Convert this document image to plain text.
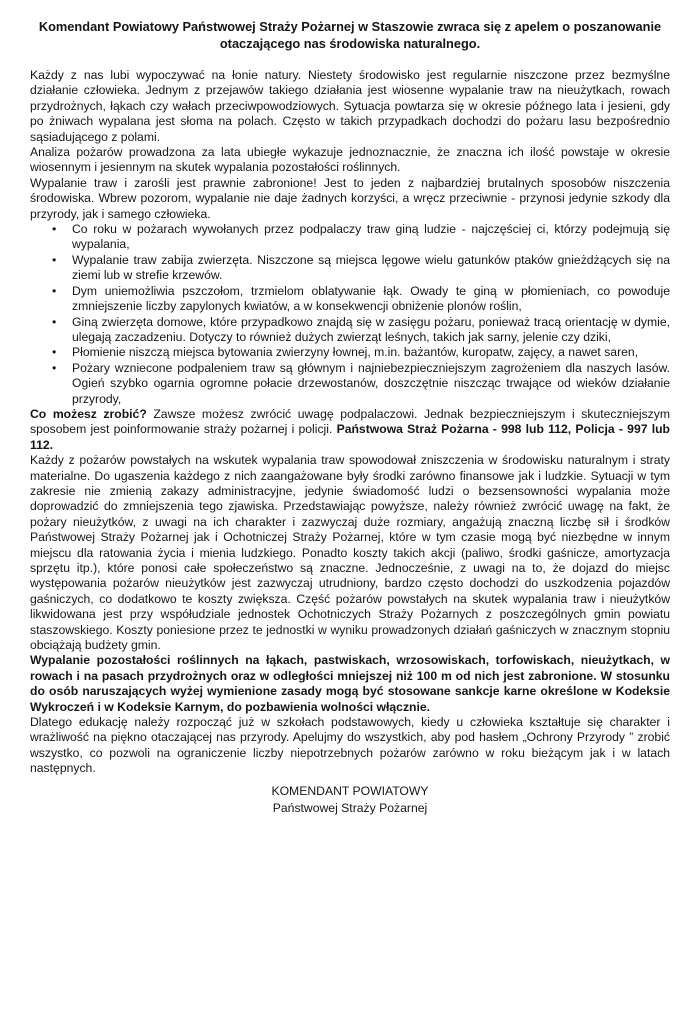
Komendant Powiatowy Państwowej Straży Pożarnej w Staszowie zwraca się z apelem o poszanowanie otaczającego nas środowiska naturalnego.

Każdy z nas lubi wypoczywać na łonie natury. Niestety środowisko jest regularnie niszczone przez bezmyślne działanie człowieka. Jednym z przejawów takiego działania jest wiosenne wypalanie traw na nieużytkach, rowach przydrożnych, łąkach czy wałach przeciwpowodziowych. Sytuacja powtarza się w okresie późnego lata i jesieni, gdy po żniwach wypalana jest słoma na polach. Często w takich przypadkach dochodzi do pożaru lasu bezpośrednio sąsiadującego z polami.

Analiza pożarów prowadzona za lata ubiegłe wykazuje jednoznacznie, że znaczna ich ilość powstaje w okresie wiosennym i jesiennym na skutek wypalania pozostałości roślinnych.

Wypalanie traw i zarośli jest prawnie zabronione! Jest to jeden z najbardziej brutalnych sposobów niszczenia środowiska. Wbrew pozorom, wypalanie nie daje żadnych korzyści, a wręcz przeciwnie - przynosi jedynie szkody dla przyrody, jak i samego człowieka.

• Co roku w pożarach wywołanych przez podpalaczy traw giną ludzie - najczęściej ci, którzy podejmują się wypalania,
• Wypalanie traw zabija zwierzęta. Niszczone są miejsca lęgowe wielu gatunków ptaków gnieżdżących się na ziemi lub w strefie krzewów.
• Dym uniemożliwia pszczołom, trzmielom oblatywanie łąk. Owady te giną w płomieniach, co powoduje zmniejszenie liczby zapylonych kwiatów, a w konsekwencji obniżenie plonów roślin,
• Giną zwierzęta domowe, które przypadkowo znajdą się w zasięgu pożaru, ponieważ tracą orientację w dymie, ulegają zaczadzeniu. Dotyczy to również dużych zwierząt leśnych, takich jak sarny, jelenie czy dziki,
• Płomienie niszczą miejsca bytowania zwierzyny łownej, m.in. bażantów, kuropatw, zajęcy, a nawet saren,
• Pożary wzniecone podpaleniem traw są głównym i najniebezpieczniejszym zagrożeniem dla naszych lasów. Ogień szybko ogarnia ogromne połacie drzewostanów, doszczętnie niszcząc trwające od wieków działanie przyrody,

Co możesz zrobić? Zawsze możesz zwrócić uwagę podpalaczowi. Jednak bezpieczniejszym i skuteczniejszym sposobem jest poinformowanie straży pożarnej i policji. Państwowa Straż Pożarna - 998 lub 112, Policja - 997 lub 112.

Każdy z pożarów powstałych na wskutek wypalania traw spowodował zniszczenia w środowisku naturalnym i straty materialne. Do ugaszenia każdego z nich zaangażowane były środki zarówno finansowe jak i ludzkie. Sytuacji w tym zakresie nie zmienią zakazy administracyjne, jedynie świadomość ludzi o bezsensowności wypalania może doprowadzić do zmniejszenia tego zjawiska. Przedstawiając powyższe, należy również zwrócić uwagę na fakt, że pożary nieużytków, z uwagi na ich charakter i zazwyczaj duże rozmiary, angażują znaczną liczbę sił i środków Państwowej Straży Pożarnej jak i Ochotniczej Straży Pożarnej, które w tym czasie mogą być niezbędne w innym miejscu dla ratowania życia i mienia ludzkiego. Ponadto koszty takich akcji (paliwo, środki gaśnicze, amortyzacja sprzętu itp.), które ponosi całe społeczeństwo są znaczne. Jednocześnie, z uwagi na to, że dojazd do miejsc występowania pożarów nieużytków jest zazwyczaj utrudniony, bardzo często dochodzi do uszkodzenia pojazdów gaśniczych, co dodatkowo te koszty zwiększa. Część pożarów powstałych na skutek wypalania traw i nieużytków likwidowana jest przy współudziale jednostek Ochotniczych Straży Pożarnych z poszczególnych gmin powiatu staszowskiego. Koszty poniesione przez te jednostki w wyniku prowadzonych działań gaśniczych w znacznym stopniu obciążają budżety gmin.

Wypalanie pozostałości roślinnych na łąkach, pastwiskach, wrzosowiskach, torfowiskach, nieużytkach, w rowach i na pasach przydrożnych oraz w odległości mniejszej niż 100 m od nich jest zabronione. W stosunku do osób naruszających wyżej wymienione zasady mogą być stosowane sankcje karne określone w Kodeksie Wykroczeń i w Kodeksie Karnym, do pozbawienia wolności włącznie.

Dlatego edukację należy rozpocząć już w szkołach podstawowych, kiedy u człowieka kształtuje się charakter i wrażliwość na piękno otaczającej nas przyrody. Apelujmy do wszystkich, aby pod hasłem „Ochrony Przyrody ” zrobić wszystko, co pozwoli na ograniczenie liczby niepotrzebnych pożarów zarówno w roku bieżącym jak i w latach następnych.

KOMENDANT POWIATOWY
Państwowej Straży Pożarnej
